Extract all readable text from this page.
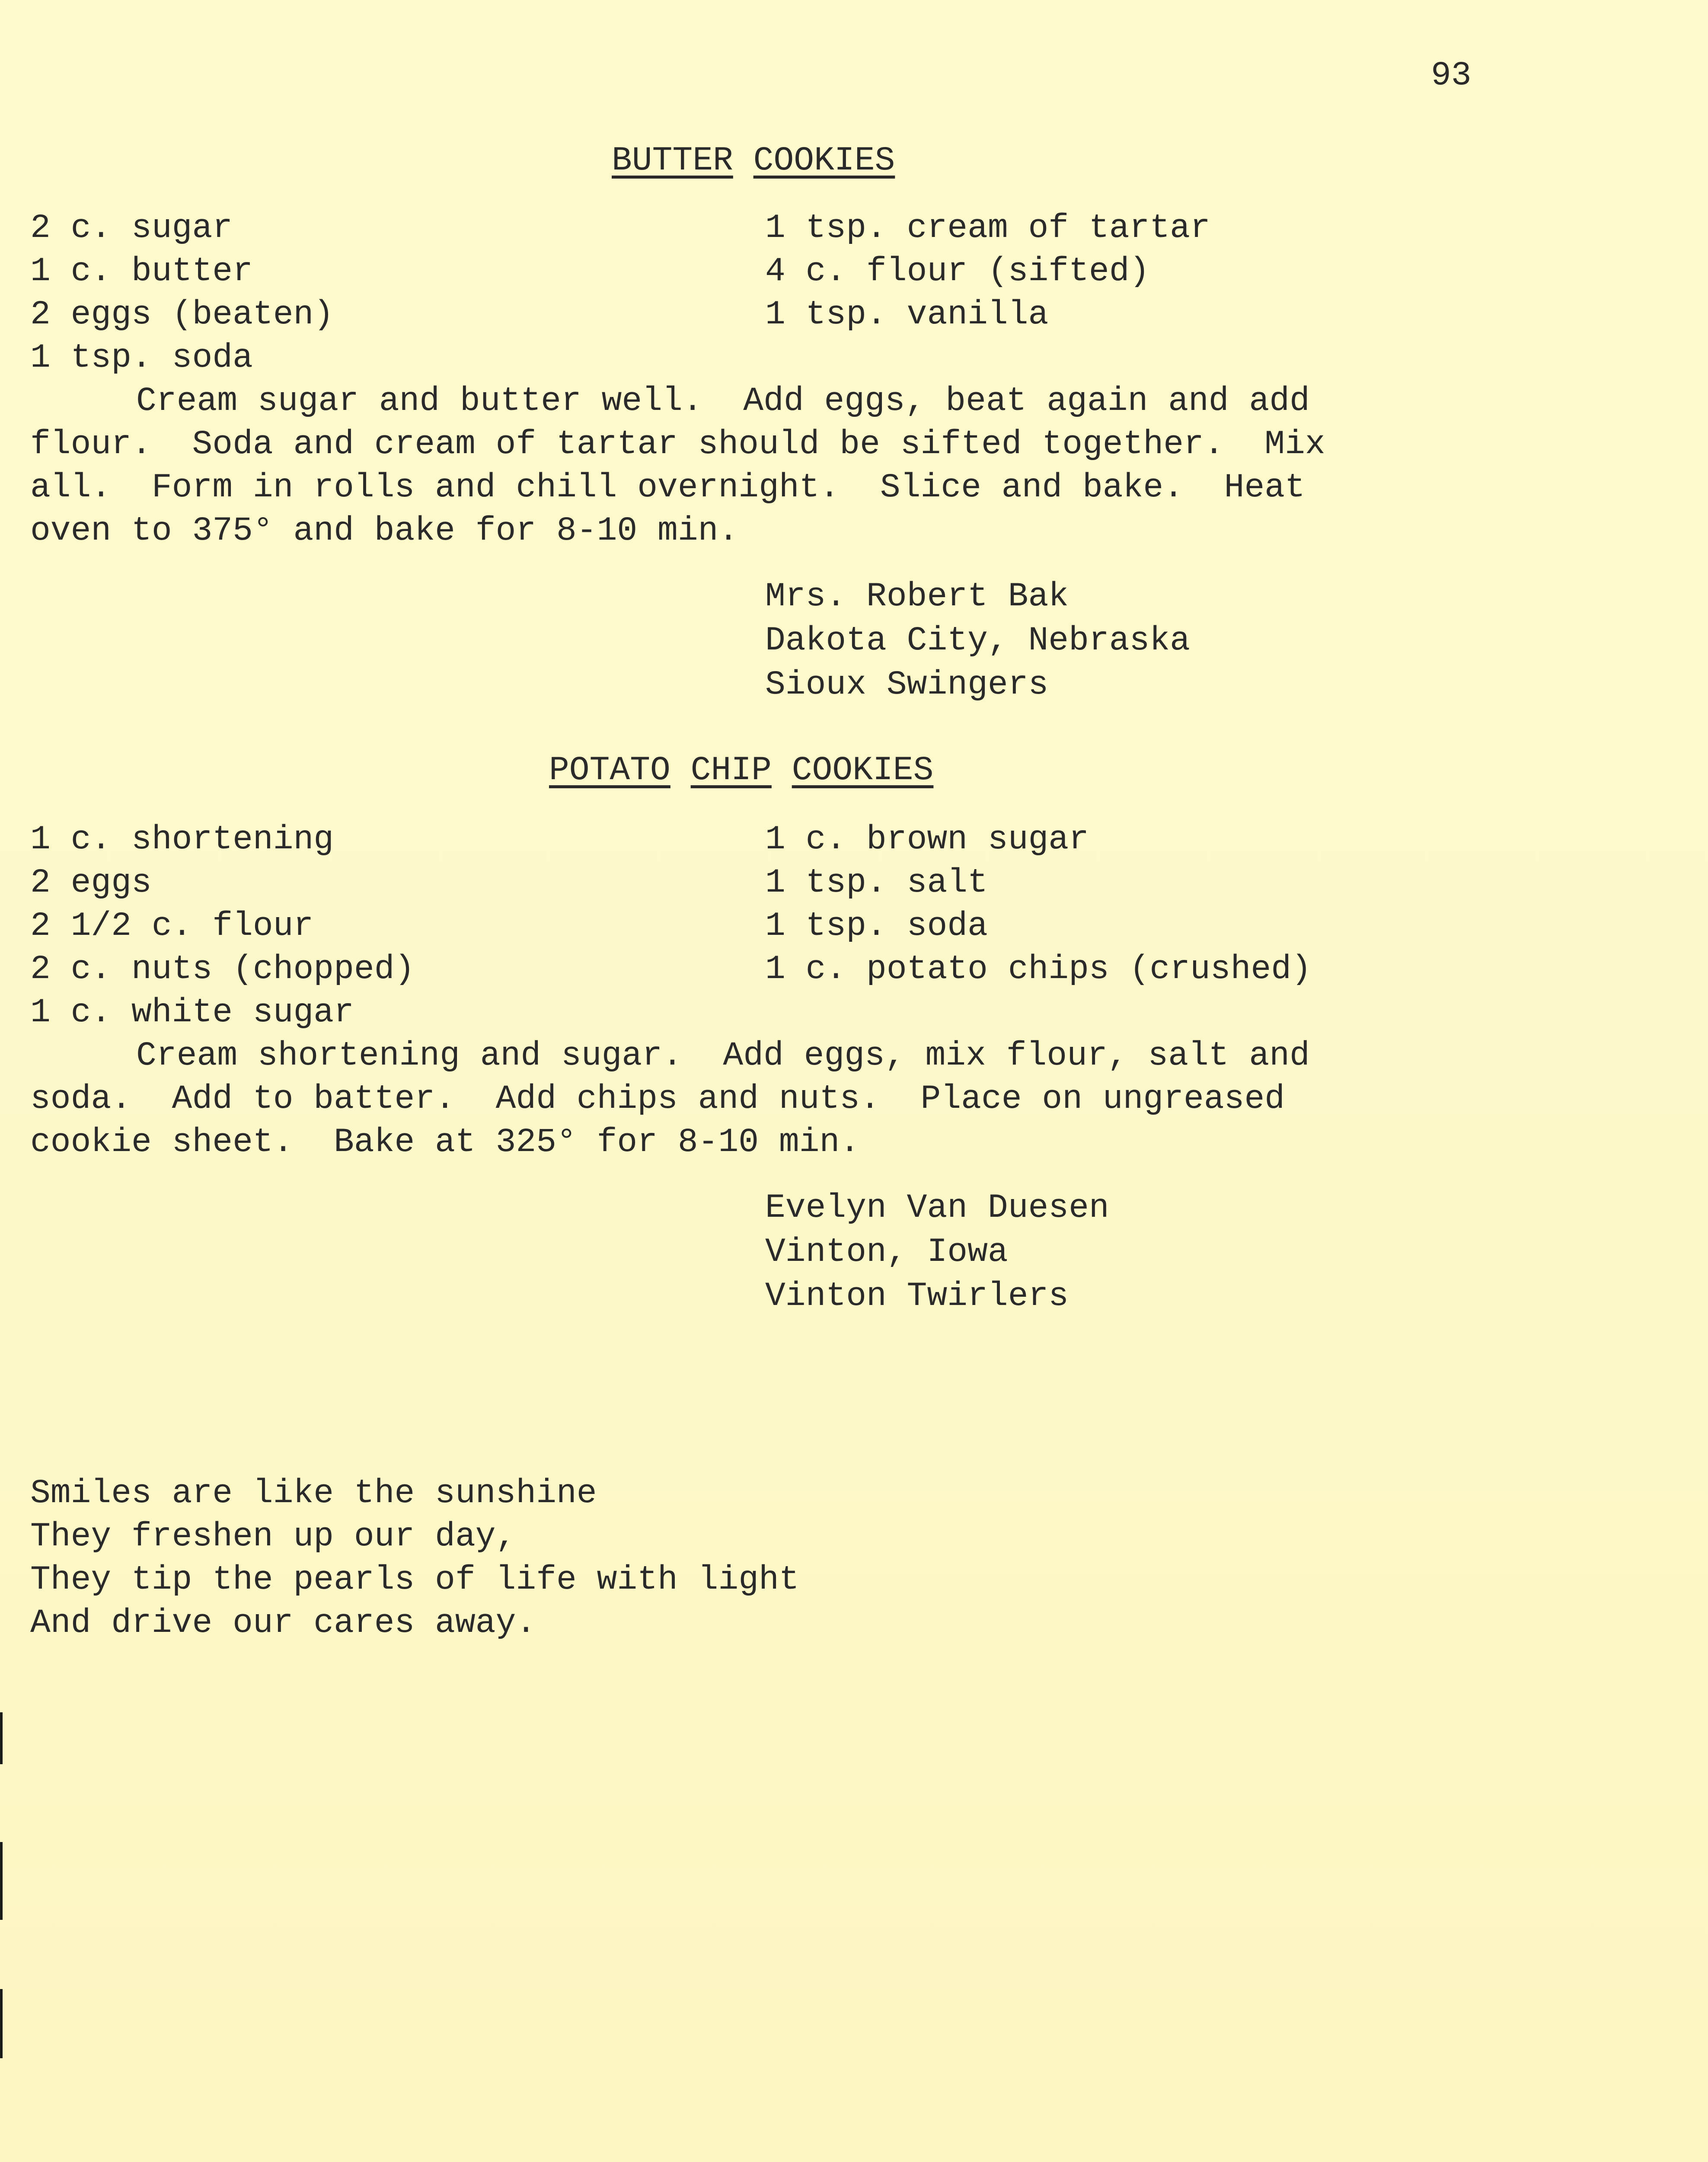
93
BUTTER COOKIES
2 c. sugar
1 c. butter
2 eggs (beaten)
1 tsp. soda
1 tsp. cream of tartar
4 c. flour (sifted)
1 tsp. vanilla
Cream sugar and butter well.  Add eggs, beat again and add
flour.  Soda and cream of tartar should be sifted together.  Mix
all.  Form in rolls and chill overnight.  Slice and bake.  Heat
oven to 375° and bake for 8-10 min.
Mrs. Robert Bak
Dakota City, Nebraska
Sioux Swingers
POTATO CHIP COOKIES
1 c. shortening
2 eggs
2 1/2 c. flour
2 c. nuts (chopped)
1 c. white sugar
1 c. brown sugar
1 tsp. salt
1 tsp. soda
1 c. potato chips (crushed)
Cream shortening and sugar.  Add eggs, mix flour, salt and
soda.  Add to batter.  Add chips and nuts.  Place on ungreased
cookie sheet.  Bake at 325° for 8-10 min.
Evelyn Van Duesen
Vinton, Iowa
Vinton Twirlers
Smiles are like the sunshine
They freshen up our day,
They tip the pearls of life with light
And drive our cares away.
